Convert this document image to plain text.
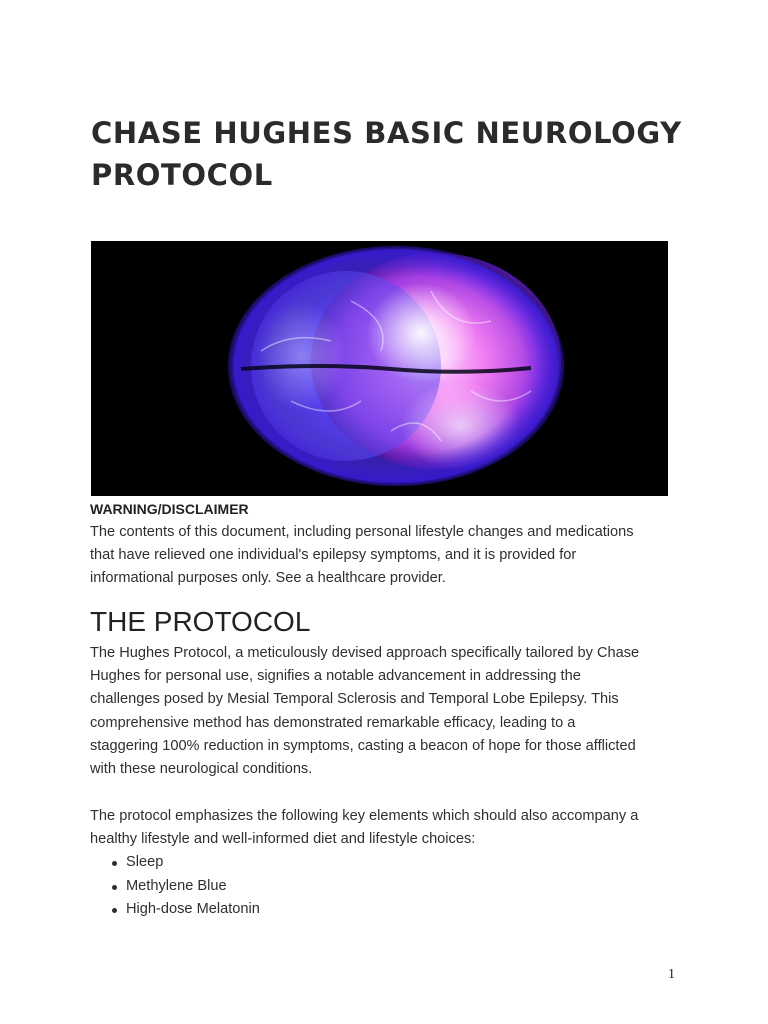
CHASE HUGHES BASIC NEUROLOGY
PROTOCOL
WARNING/DISCLAIMER
The contents of this document, including personal lifestyle changes and medications
that have relieved one individual's epilepsy symptoms, and it is provided for
informational purposes only. See a healthcare provider.
THE PROTOCOL
The Hughes Protocol, a meticulously devised approach specifically tailored by Chase
Hughes for personal use, signifies a notable advancement in addressing the
challenges posed by Mesial Temporal Sclerosis and Temporal Lobe Epilepsy. This
comprehensive method has demonstrated remarkable efficacy, leading to a
staggering 100% reduction in symptoms, casting a beacon of hope for those afflicted
with these neurological conditions.
The protocol emphasizes the following key elements which should also accompany a
healthy lifestyle and well-informed diet and lifestyle choices:
Sleep
Methylene Blue
High-dose Melatonin
1
